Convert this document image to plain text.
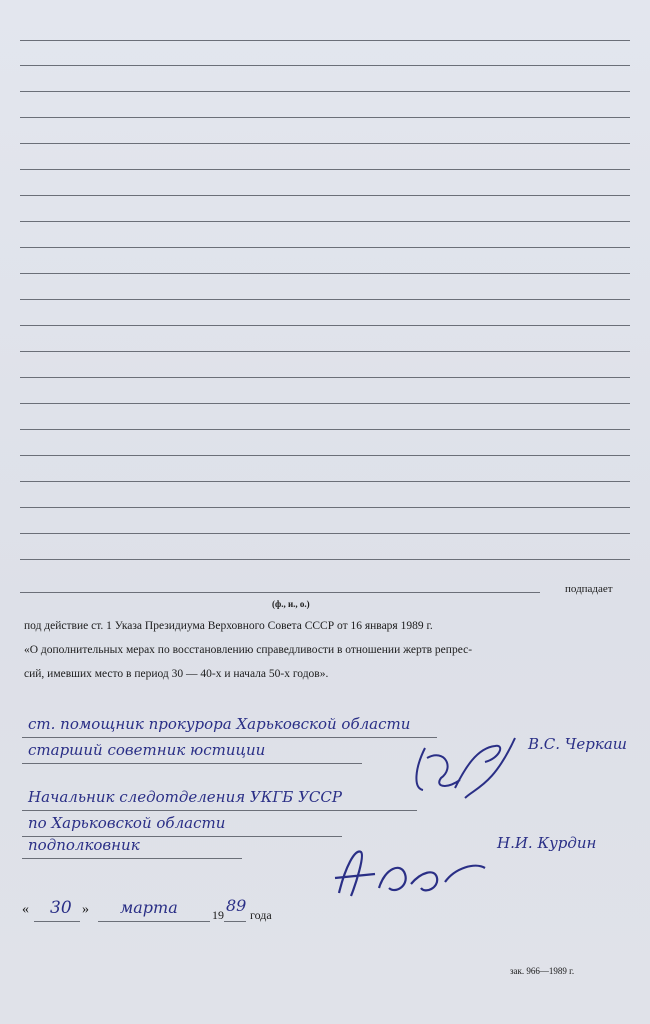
подпадает
(ф., и., о.)
под действие ст. 1 Указа Президиума Верховного Совета СССР от 16 января 1989 г.
«О дополнительных мерах по восстановлению справедливости в отношении жертв репрес-
сий, имевших место в период 30 — 40-х и начала 50-х годов».
ст. помощник прокурора Харьковской области
старший советник юстиции	В.С. Черкаш
Начальник следотделения УКГБ УССР
по Харьковской области
подполковник	Н.И. Курдин
« 30 » марта	19 89 года
зак. 966—1989 г.
